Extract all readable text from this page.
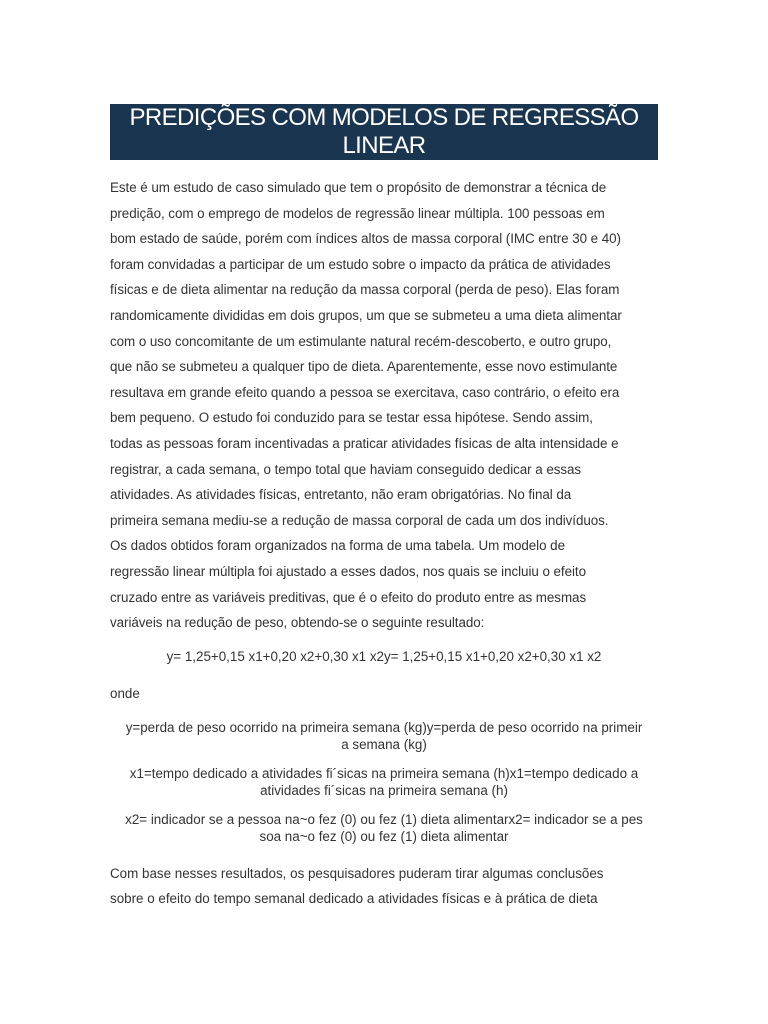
PREDIÇÕES COM MODELOS DE REGRESSÃO
LINEAR
Este é um estudo de caso simulado que tem o propósito de demonstrar a técnica de
predição, com o emprego de modelos de regressão linear múltipla. 100 pessoas em
bom estado de saúde, porém com índices altos de massa corporal (IMC entre 30 e 40)
foram convidadas a participar de um estudo sobre o impacto da prática de atividades
físicas e de dieta alimentar na redução da massa corporal (perda de peso). Elas foram
randomicamente divididas em dois grupos, um que se submeteu a uma dieta alimentar
com o uso concomitante de um estimulante natural recém-descoberto, e outro grupo,
que não se submeteu a qualquer tipo de dieta. Aparentemente, esse novo estimulante
resultava em grande efeito quando a pessoa se exercitava, caso contrário, o efeito era
bem pequeno. O estudo foi conduzido para se testar essa hipótese. Sendo assim,
todas as pessoas foram incentivadas a praticar atividades físicas de alta intensidade e
registrar, a cada semana, o tempo total que haviam conseguido dedicar a essas
atividades. As atividades físicas, entretanto, não eram obrigatórias. No final da
primeira semana mediu-se a redução de massa corporal de cada um dos indivíduos.
Os dados obtidos foram organizados na forma de uma tabela. Um modelo de
regressão linear múltipla foi ajustado a esses dados, nos quais se incluiu o efeito
cruzado entre as variáveis preditivas, que é o efeito do produto entre as mesmas
variáveis na redução de peso, obtendo-se o seguinte resultado:
y= 1,25+0,15 x1+0,20 x2+0,30 x1 x2y= 1,25+0,15 x1+0,20 x2+0,30 x1 x2
onde
y=perda de peso ocorrido na primeira semana (kg)y=perda de peso ocorrido na primeir
a semana (kg)
x1=tempo dedicado a atividades fi´sicas na primeira semana (h)x1=tempo dedicado a
atividades fi´sicas na primeira semana (h)
x2= indicador se a pessoa na~o fez (0) ou fez (1) dieta alimentarx2= indicador se a pes
soa na~o fez (0) ou fez (1) dieta alimentar
Com base nesses resultados, os pesquisadores puderam tirar algumas conclusões
sobre o efeito do tempo semanal dedicado a atividades físicas e à prática de dieta
